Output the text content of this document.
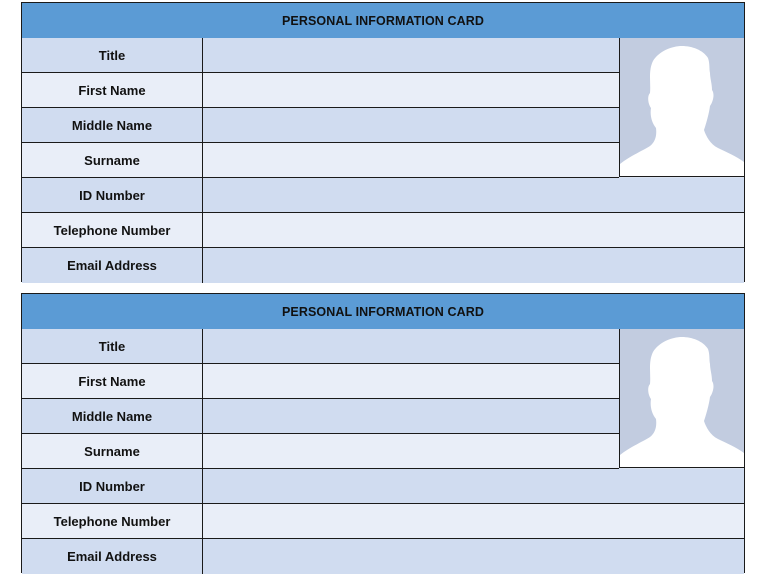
PERSONAL INFORMATION CARD
Title
First Name
Middle Name
Surname
ID Number
Telephone Number
Email Address
PERSONAL INFORMATION CARD
Title
First Name
Middle Name
Surname
ID Number
Telephone Number
Email Address
